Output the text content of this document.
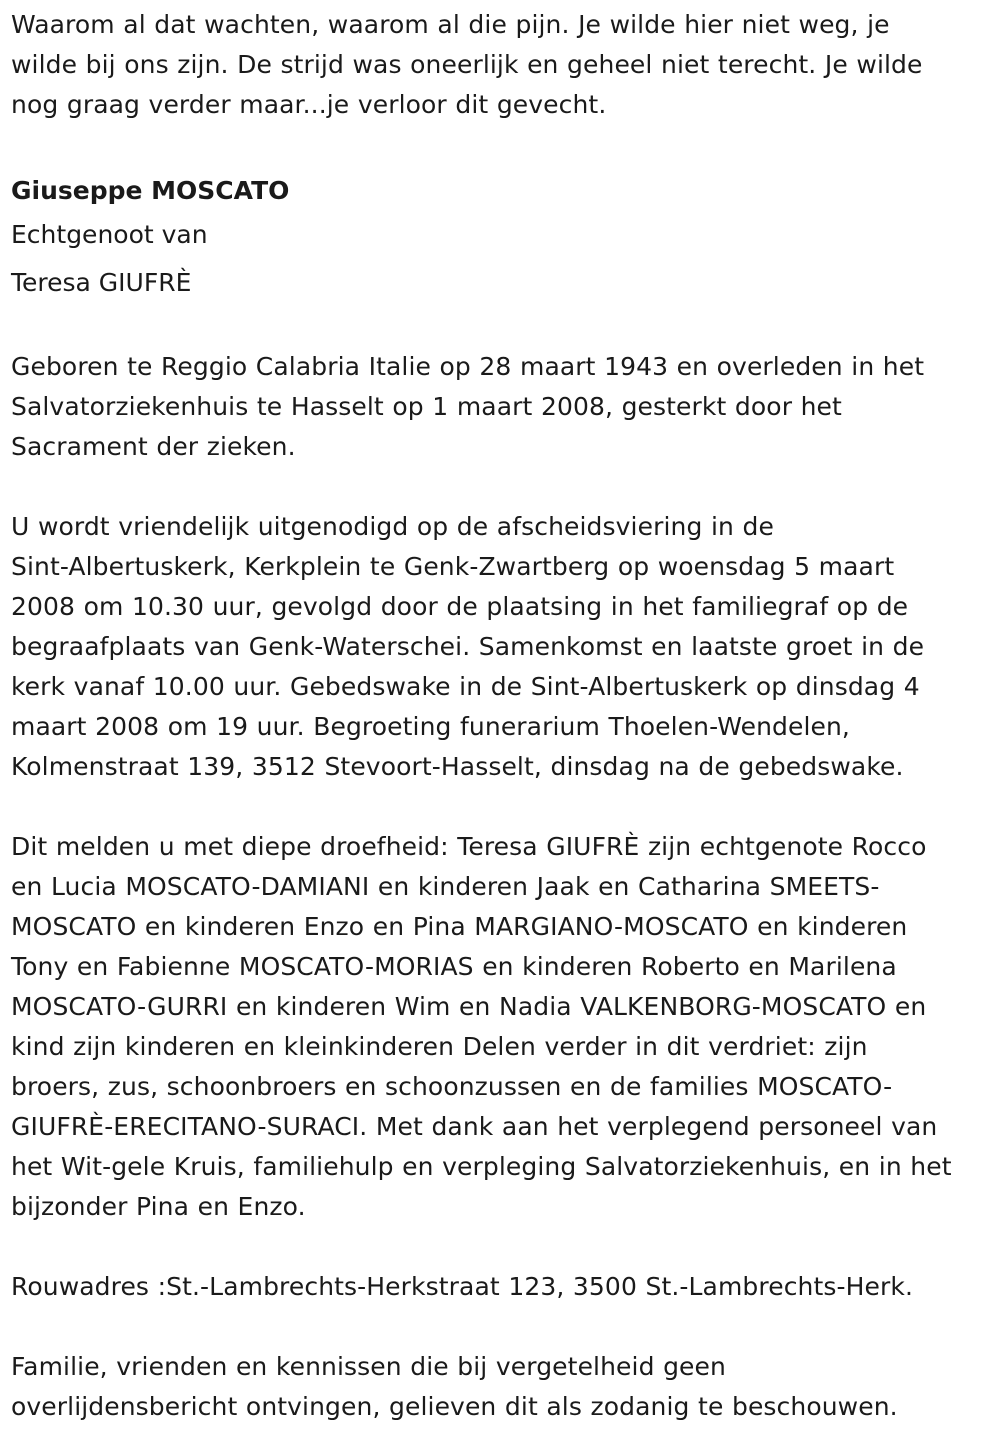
Waarom al dat wachten, waarom al die pijn. Je wilde hier niet weg, je
wilde bij ons zijn. De strijd was oneerlijk en geheel niet terecht. Je wilde
nog graag verder maar...je verloor dit gevecht.

Giuseppe MOSCATO

Echtgenoot van

Teresa GIUFRÈ

Geboren te Reggio Calabria Italie op 28 maart 1943 en overleden in het
Salvatorziekenhuis te Hasselt op 1 maart 2008, gesterkt door het
Sacrament der zieken.

U wordt vriendelijk uitgenodigd op de afscheidsviering in de
Sint-Albertuskerk, Kerkplein te Genk-Zwartberg op woensdag 5 maart
2008 om 10.30 uur, gevolgd door de plaatsing in het familiegraf op de
begraafplaats van Genk-Waterschei. Samenkomst en laatste groet in de
kerk vanaf 10.00 uur. Gebedswake in de Sint-Albertuskerk op dinsdag 4
maart 2008 om 19 uur. Begroeting funerarium Thoelen-Wendelen,
Kolmenstraat 139, 3512 Stevoort-Hasselt, dinsdag na de gebedswake.

Dit melden u met diepe droefheid: Teresa GIUFRÈ zijn echtgenote Rocco
en Lucia MOSCATO-DAMIANI en kinderen Jaak en Catharina SMEETS-
MOSCATO en kinderen Enzo en Pina MARGIANO-MOSCATO en kinderen
Tony en Fabienne MOSCATO-MORIAS en kinderen Roberto en Marilena
MOSCATO-GURRI en kinderen Wim en Nadia VALKENBORG-MOSCATO en
kind zijn kinderen en kleinkinderen Delen verder in dit verdriet: zijn
broers, zus, schoonbroers en schoonzussen en de families MOSCATO-
GIUFRÈ-ERECITANO-SURACI. Met dank aan het verplegend personeel van
het Wit-gele Kruis, familiehulp en verpleging Salvatorziekenhuis, en in het
bijzonder Pina en Enzo.

Rouwadres :St.-Lambrechts-Herkstraat 123, 3500 St.-Lambrechts-Herk.

Familie, vrienden en kennissen die bij vergetelheid geen
overlijdensbericht ontvingen, gelieven dit als zodanig te beschouwen.
